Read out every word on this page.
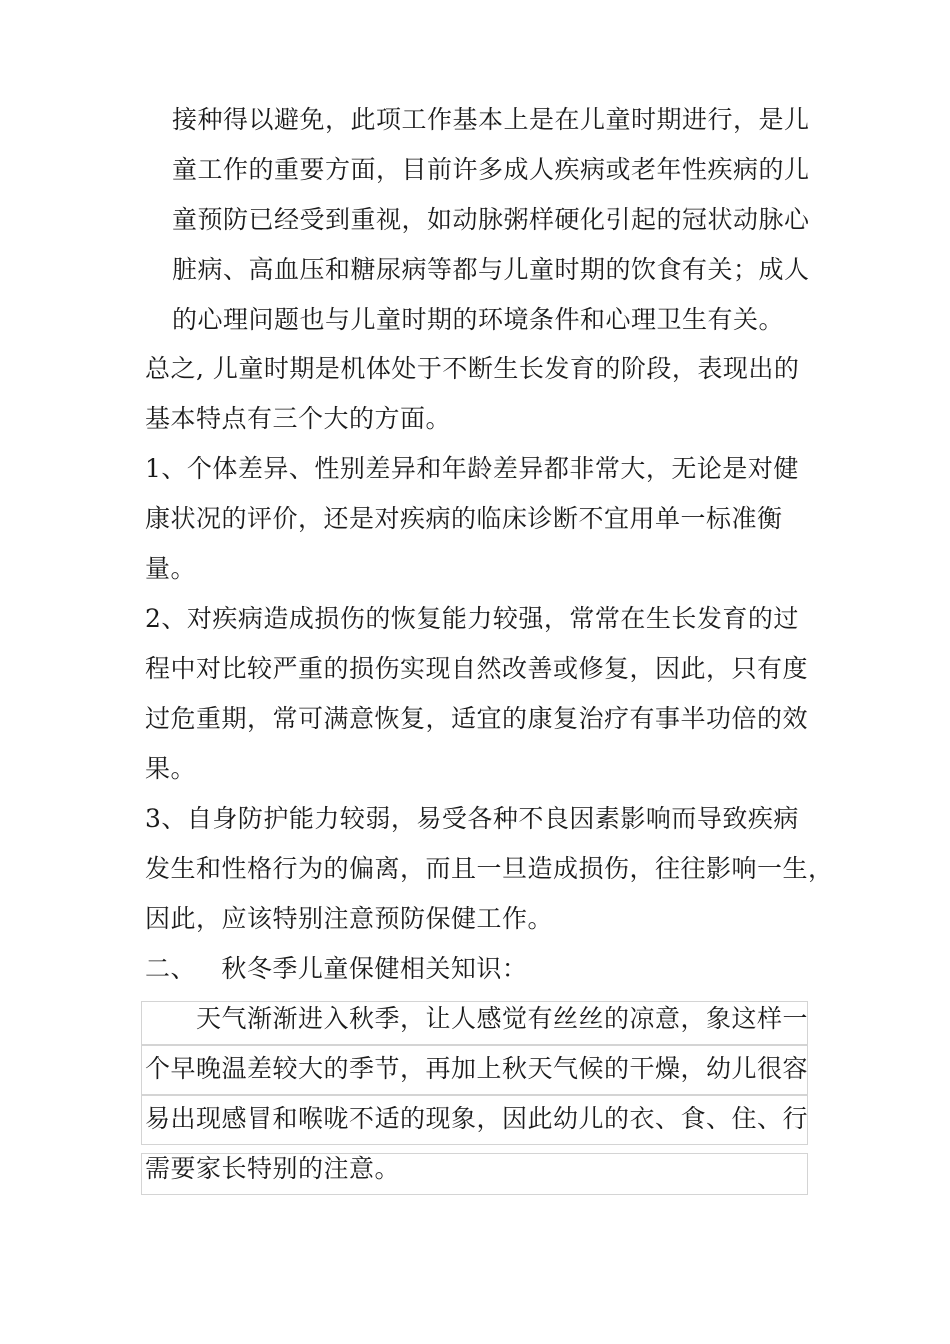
接种得以避免，此项工作基本上是在儿童时期进行，是儿
童工作的重要方面，目前许多成人疾病或老年性疾病的儿
童预防已经受到重视，如动脉粥样硬化引起的冠状动脉心
脏病、高血压和糖尿病等都与儿童时期的饮食有关；成人
的心理问题也与儿童时期的环境条件和心理卫生有关。
总之, 儿童时期是机体处于不断生长发育的阶段，表现出的
基本特点有三个大的方面。
1、个体差异、性别差异和年龄差异都非常大，无论是对健
康状况的评价，还是对疾病的临床诊断不宜用单一标准衡
量。
2、对疾病造成损伤的恢复能力较强，常常在生长发育的过
程中对比较严重的损伤实现自然改善或修复，因此，只有度
过危重期，常可满意恢复，适宜的康复治疗有事半功倍的效
果。
3、自身防护能力较弱，易受各种不良因素影响而导致疾病
发生和性格行为的偏离，而且一旦造成损伤，往往影响一生，
因此，应该特别注意预防保健工作。
二、   秋冬季儿童保健相关知识：
天气渐渐进入秋季，让人感觉有丝丝的凉意，象这样一
个早晚温差较大的季节，再加上秋天气候的干燥，幼儿很容
易出现感冒和喉咙不适的现象，因此幼儿的衣、食、住、行
需要家长特别的注意。
